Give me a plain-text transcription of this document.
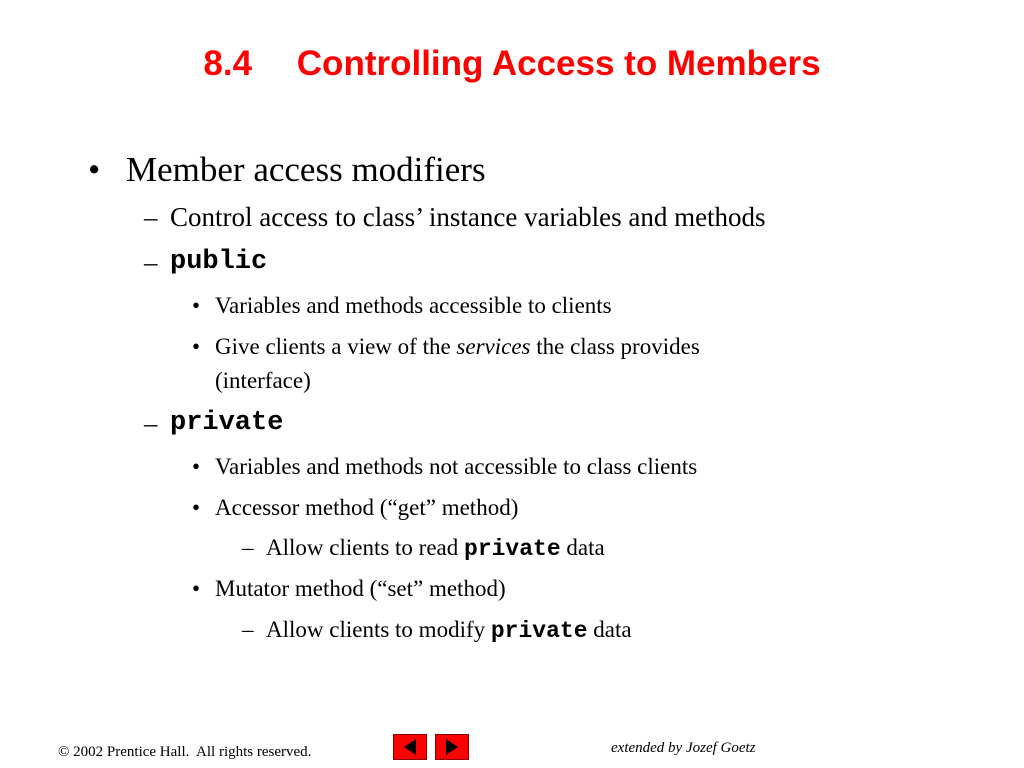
8.4  Controlling Access to Members
• Member access modifiers
– Control access to class’ instance variables and methods
– public
• Variables and methods accessible to clients
• Give clients a view of the services the class provides
(interface)
– private
• Variables and methods not accessible to class clients
• Accessor method (“get” method)
– Allow clients to read private data
• Mutator method (“set” method)
– Allow clients to modify private data
© 2002 Prentice Hall.  All rights reserved.	extended by Jozef Goetz
